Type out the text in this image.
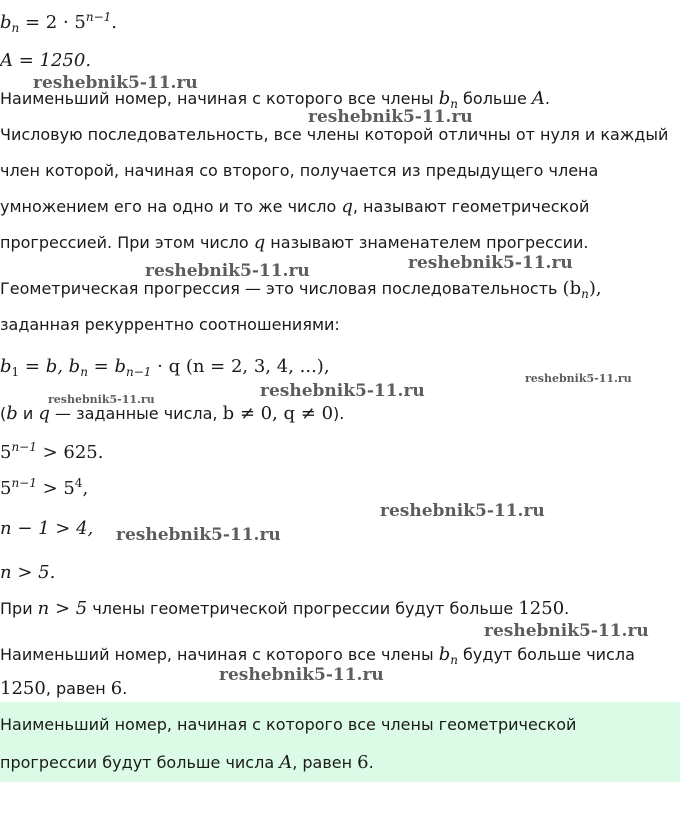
$b_n = 2 \cdot 5^{n-1}$.
A = 1250.
Наименьший номер, начиная с которого все члены $b_n$ больше A.
Числовую последовательность, все члены которой отличны от нуля и каждый
член которой, начиная со второго, получается из предыдущего члена
умножением его на одно и то же число q, называют геометрической
прогрессией. При этом число q называют знаменателем прогрессии.
Геометрическая прогрессия — это числовая последовательность $(b_n)$,
заданная рекуррентно соотношениями:
$b_1 = b$, $b_n = b_{n-1} \cdot q$ (n = 2, 3, 4, ...),
(b и q — заданные числа, b ≠ 0, q ≠ 0).
$5^{n-1} > 625$.
$5^{n-1} > 5^4$,
n − 1 > 4,
n > 5.
При n > 5 члены геометрической прогрессии будут больше 1250.
Наименьший номер, начиная с которого все члены $b_n$ будут больше числа
1250, равен 6.
Наименьший номер, начиная с которого все члены геометрической
прогрессии будут больше числа A, равен 6.
reshebnik5-11.ru
reshebnik5-11.ru
reshebnik5-11.ru	reshebnik5-11.ru
reshebnik5-11.ru
reshebnik5-11.ru	reshebnik5-11.ru
reshebnik5-11.ru
reshebnik5-11.ru
reshebnik5-11.ru
reshebnik5-11.ru
